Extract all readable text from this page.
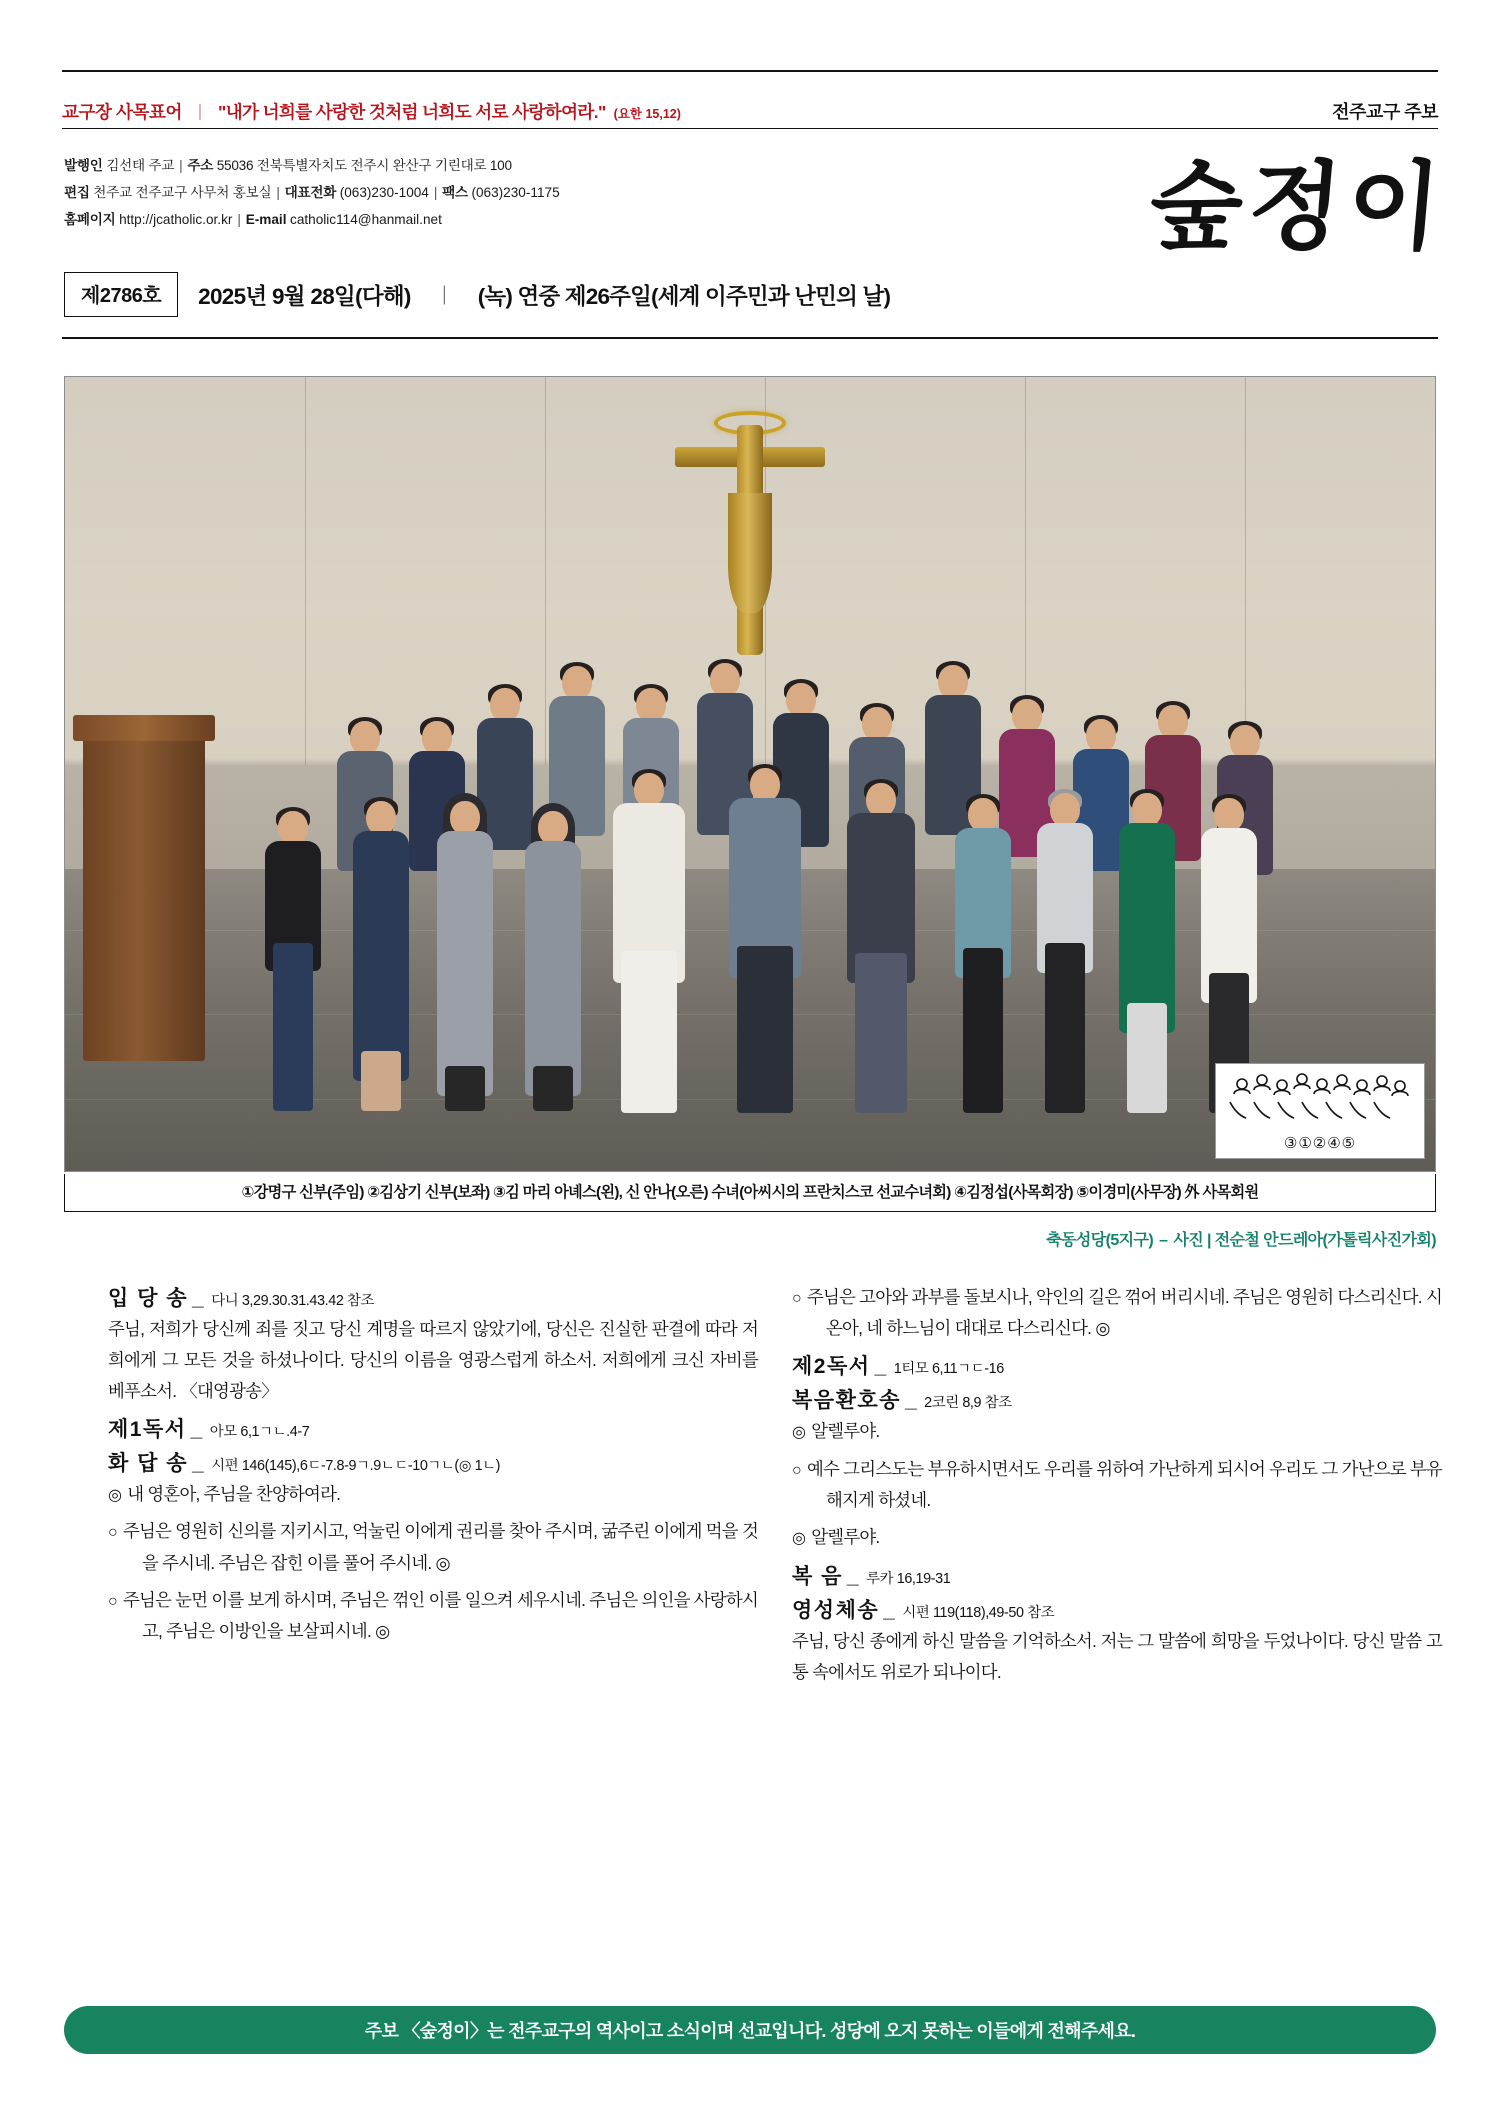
교구장 사목표어 ｜ "내가 너희를 사랑한 것처럼 너희도 서로 사랑하여라." (요한 15,12)	전주교구 주보
발행인 김선태 주교 | 주소 55036 전북특별자치도 전주시 완산구 기린대로 100
편집 천주교 전주교구 사무처 홍보실 | 대표전화 (063)230-1004 | 팩스 (063)230-1175
홈페이지 http://jcatholic.or.kr | E-mail catholic114@hanmail.net	숲정이
제2786호	2025년 9월 28일(다해) ｜ (녹) 연중 제26주일(세계 이주민과 난민의 날)
③①②④⑤
①강명구 신부(주임) ②김상기 신부(보좌) ③김 마리 아녜스(왼), 신 안나(오른) 수녀(아씨시의 프란치스코 선교수녀회) ④김정섭(사목회장) ⑤이경미(사무장) 外 사목회원
축동성당(5지구) – 사진 | 전순철 안드레아(가톨릭사진가회)
입 당 송 _ 다니 3,29.30.31.43.42 참조

주님, 저희가 당신께 죄를 짓고 당신 계명을 따르지 않았기에, 당신은 진실한 판결에 따라 저희에게 그 모든 것을 하셨나이다. 당신의 이름을 영광스럽게 하소서. 저희에게 크신 자비를 베푸소서. 〈대영광송〉

제1독서 _ 아모 6,1ㄱㄴ.4-7
화 답 송 _ 시편 146(145),6ㄷ-7.8-9ㄱ.9ㄴㄷ-10ㄱㄴ(◎ 1ㄴ)

◎ 내 영혼아, 주님을 찬양하여라.

○ 주님은 영원히 신의를 지키시고, 억눌린 이에게 권리를 찾아 주시며, 굶주린 이에게 먹을 것을 주시네. 주님은 잡힌 이를 풀어 주시네. ◎

○ 주님은 눈먼 이를 보게 하시며, 주님은 꺾인 이를 일으켜 세우시네. 주님은 의인을 사랑하시고, 주님은 이방인을 보살피시네. ◎

○ 주님은 고아와 과부를 돌보시나, 악인의 길은 꺾어 버리시네. 주님은 영원히 다스리신다. 시온아, 네 하느님이 대대로 다스리신다. ◎

제2독서 _ 1티모 6,11ㄱㄷ-16
복음환호송 _ 2코린 8,9 참조

◎ 알렐루야.

○ 예수 그리스도는 부유하시면서도 우리를 위하여 가난하게 되시어 우리도 그 가난으로 부유해지게 하셨네.

◎ 알렐루야.

복 음 _ 루카 16,19-31
영성체송 _ 시편 119(118),49-50 참조

주님, 당신 종에게 하신 말씀을 기억하소서. 저는 그 말씀에 희망을 두었나이다. 당신 말씀 고통 속에서도 위로가 되나이다.

주보 〈숲정이〉는 전주교구의 역사이고 소식이며 선교입니다. 성당에 오지 못하는 이들에게 전해주세요.
